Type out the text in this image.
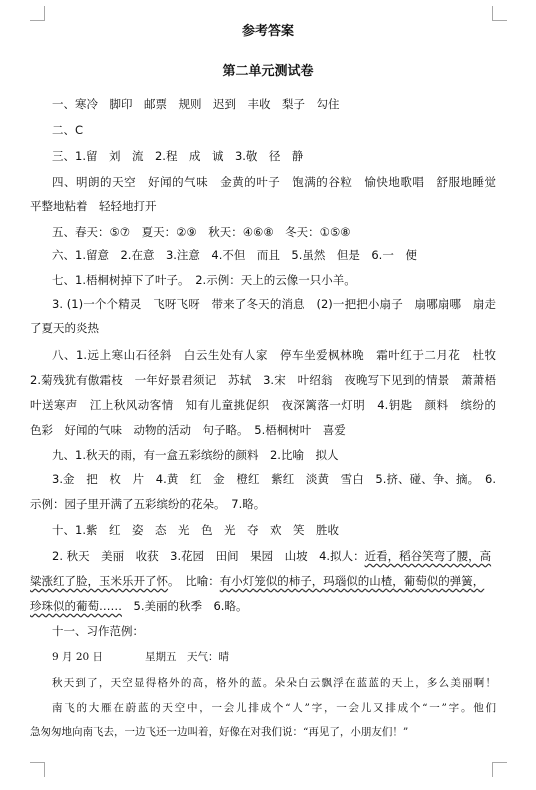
参考答案
第二单元测试卷
一、寒冷　脚印　邮票　规则　迟到　丰收　梨子　勾住
二、C
三、1.留　刘　流　2.程　成　诚　3.敬　径　静
四、明朗的天空　好闻的气味　金黄的叶子　饱满的谷粒　愉快地歌唱　舒服地睡觉
平整地粘着　轻轻地打开
五、春天：⑤⑦　夏天：②⑨　秋天：④⑥⑧　冬天：①⑤⑧
六、1.留意　2.在意　3.注意　4.不但　而且　5.虽然　但是　6.一　便
七、1.梧桐树掉下了叶子。　2.示例：天上的云像一只小羊。
3. (1)一个个精灵　飞呀飞呀　带来了冬天的消息　(2)一把把小扇子　扇哪扇哪　扇走
了夏天的炎热
八、1.远上寒山石径斜　白云生处有人家　停车坐爱枫林晚　霜叶红于二月花　杜牧
2.菊残犹有傲霜枝　一年好景君须记　苏轼　3.宋　叶绍翁　夜晚写下见到的情景　萧萧梧
叶送寒声　江上秋风动客情　知有儿童挑促织　夜深篱落一灯明　4.钥匙　颜料　缤纷的
色彩　好闻的气味　动物的活动　句子略。　5.梧桐树叶　喜爱
九、1.秋天的雨，有一盒五彩缤纷的颜料　2.比喻　拟人
3.金　把　枚　片　4.黄　红　金　橙红　紫红　淡黄　雪白　5.挤、碰、争、摘。　6.
示例：园子里开满了五彩缤纷的花朵。　7.略。
十、1.紫　红　姿　态　光　色　光　夺　欢　笑　胜收
2. 秋天　美丽　收获　3.花园　田间　果园　山坡　4.拟人：近看，稻谷笑弯了腰，高
粱涨红了脸，玉米乐开了怀。　比喻：有小灯笼似的柿子，玛瑙似的山楂，葡萄似的弹簧，
珍珠似的葡萄……　5.美丽的秋季　6.略。
十一、习作范例：
9 月 20 日　　　　星期五　天气：晴
秋天到了，天空显得格外的高，格外的蓝。朵朵白云飘浮在蓝蓝的天上，多么美丽啊！
南飞的大雁在蔚蓝的天空中，一会儿排成个“人”字，一会儿又排成个“一”字。他们
急匆匆地向南飞去，一边飞还一边叫着，好像在对我们说：“再见了，小朋友们！”
